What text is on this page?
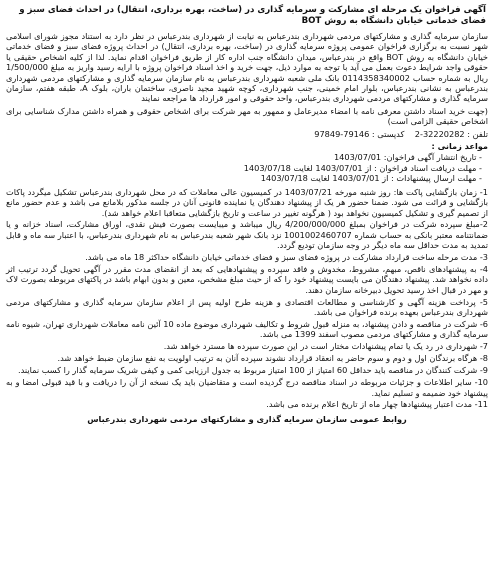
آگهی فراخوان یک مرحله ای مشارکت و سرمایه گذاری در (ساخت، بهره برداری، انتقال) در احداث فضای سبز و فضای خدماتی خیابان دانشگاه به روش BOT

سازمان سرمایه گذاری و مشارکتهای مردمی شهرداری بندرعباس به نیابت از شهرداری بندرعباس در نظر دارد به استناد مجوز شورای اسلامی شهر نسبت به برگزاری فراخوان عمومی پروژه سرمایه گذاری در (ساخت، بهره برداری، انتقال) در احداث پروژه فضای سبز و فضای خدماتی خیابان دانشگاه به روش BOT واقع در بندرعباس، میدان دانشگاه جنب اداره کار از طریق فراخوان اقدام نماید. لذا از کلیه اشخاص حقیقی یا حقوقی واجد شرایط دعوت بعمل می آید با توجه به موارد ذیل، جهت خرید و اخذ اسناد فراخوان پروژه با ارایه رسید واریز به مبلغ 1/500/000 ریال به شماره حساب 0114358340002 بانک ملی شعبه شهرداری بندرعباس به نام سازمان سرمایه گذاری و مشارکتهای مردمی شهرداری بندرعباس به نشانی بندرعباس، بلوار امام خمینی، جنب شهرداری، کوچه شهید مجید ناصری، ساختمان باران، بلوک A، طبقه هفتم، سازمان سرمایه گذاری و مشارکتهای مردمی شهرداری بندرعباس، واحد حقوقی و امور قرارداد ها مراجعه نمایند

(جهت خرید اسناد داشتن معرفی نامه با امضاء مدیرعامل و ممهور به مهر شرکت برای اشخاص حقوقی و همراه داشتن مدارک شناسایی برای اشخاص حقیقی الزامی است)

تلفن : 32220282-2    کدپستی : 79146-97849
مواعد زمانی :
- تاریخ انتشار آگهی فراخوان: 1403/07/01
- مهلت دریافت اسناد فراخوان : از 1403/07/01 لغایت 1403/07/18
- مهلت ارسال پیشنهادات : از 1403/07/01 لغایت 1403/07/18
1- زمان بازگشایی پاکت ها: روز شنبه مورخه 1403/07/21 در کمیسیون عالی معاملات که در محل شهرداری بندرعباس تشکیل میگردد پاکات بازگشایی و قرائت می شود. ضمنا حضور هر یک از پیشنهاد دهندگان یا نماینده قانونی آنان در جلسه مذکور بلامانع می باشد و عدم حضور مانع از تصمیم گیری و تشکیل کمیسیون نخواهد بود ( هرگونه تغییر در ساعت و تاریخ بازگشایی متعاقبا اعلام خواهد شد).
2-مبلغ سپرده شرکت در فراخوان بمبلغ 4/200/000/000 ریال میباشد و میبایست بصورت فیش نقدی، اوراق مشارکت، اسناد خزانه و یا ضمانتنامه معتبر بانکی به حساب شماره 1001002460707 نزد بانک شهر شعبه بندرعباس به نام شهرداری بندرعباس، با اعتبار سه ماه و قابل تمدید به مدت حداقل سه ماه دیگر در وجه سازمان تودیع گردد.
3- مدت مرحله ساخت قرارداد مشارکت در پروژه فضای سبز و فضای خدماتی خیابان دانشگاه حداکثر 18 ماه می باشد.
4- به پیشنهادهای ناقص، مبهم، مشروط، مخدوش و فاقد سپرده و پیشنهادهایی که بعد از انقضای مدت مقرر در آگهی تحویل گردد ترتیب اثر داده نخواهد شد. پیشنهاد دهندگان می بایست پیشنهاد خود را که از حیث مبلغ مشخص، معین و بدون ابهام باشد در پاکتهای مربوطه بصورت لاک و مهر در قبال اخذ رسید تحویل دبیرخانه سازمان دهند.
5- پرداخت هزینه آگهی و کارشناسی و مطالعات اقتصادی و هزینه طرح اولیه پس از اعلام سازمان سرمایه گذاری و مشارکتهای مردمی شهرداری بندرعباس بعهده برنده فراخوان می باشد.
6- شرکت در مناقصه و دادن پیشنهاد، به منزله قبول شروط و تکالیف شهرداری موضوع ماده 10 آئین نامه معاملات شهرداری تهران، شیوه نامه سرمایه گذاری و مشارکتهای مردمی مصوب اسفند 1399 می باشد.
7- شهرداری در رد یک یا تمام پیشنهادات مختار است در این صورت سپرده ها مسترد خواهد شد.
8- هرگاه برندگان اول و دوم و سوم حاضر به انعقاد قرارداد نشوند سپرده آنان به ترتیب اولویت به نفع سازمان ضبط خواهد شد.
9- شرکت کنندگان در مناقصه باید حداقل 60 امتیاز از 100 امتیاز مربوط به جدول ارزیابی کمی و کیفی شریک سرمایه گذار را کسب نمایند.
10- سایر اطلاعات و جزئیات مربوطه در اسناد مناقصه درج گردیده است و متقاضیان باید یک نسخه از آن را دریافت و با قید قبولی امضا و به پیشنهاد خود ضمیمه و تسلیم نماید.
11- مدت اعتبار پیشنهادها چهار ماه از تاریخ اعلام برنده می باشد.
روابط عمومی سازمان سرمایه گذاری و مشارکتهای مردمی شهرداری بندرعباس
